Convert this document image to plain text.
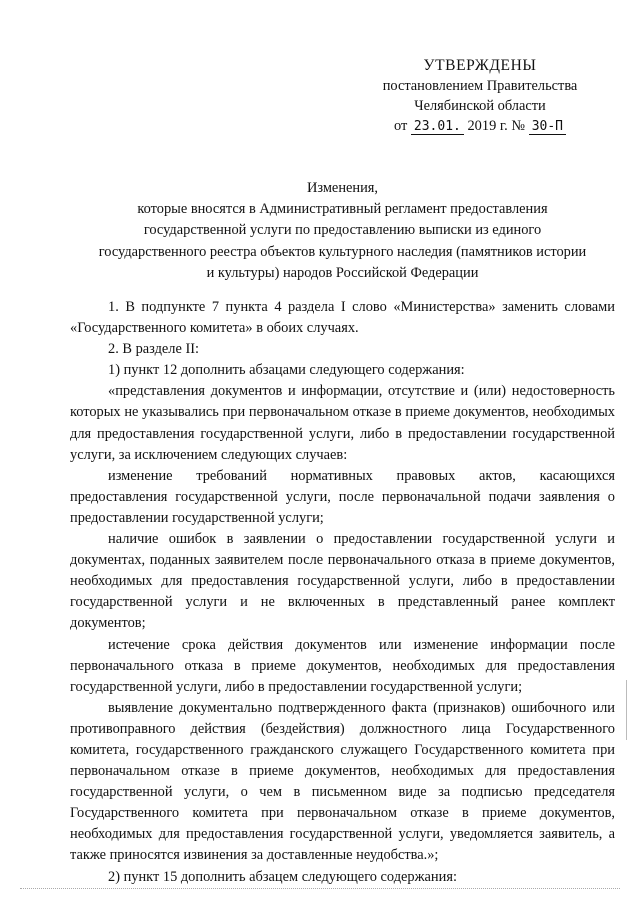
УТВЕРЖДЕНЫ
постановлением Правительства
Челябинской области
от 23.01. 2019 г. № 30-П
Изменения,
которые вносятся в Административный регламент предоставления
государственной услуги по предоставлению выписки из единого
государственного реестра объектов культурного наследия (памятников истории
и культуры) народов Российской Федерации

1. В подпункте 7 пункта 4 раздела I слово «Министерства» заменить словами «Государственного комитета» в обоих случаях.

2. В разделе II:

1) пункт 12 дополнить абзацами следующего содержания:

«представления документов и информации, отсутствие и (или) недостоверность которых не указывались при первоначальном отказе в приеме документов, необходимых для предоставления государственной услуги, либо в предоставлении государственной услуги, за исключением следующих случаев:

изменение требований нормативных правовых актов, касающихся предоставления государственной услуги, после первоначальной подачи заявления о предоставлении государственной услуги;

наличие ошибок в заявлении о предоставлении государственной услуги и документах, поданных заявителем после первоначального отказа в приеме документов, необходимых для предоставления государственной услуги, либо в предоставлении государственной услуги и не включенных в представленный ранее комплект документов;

истечение срока действия документов или изменение информации после первоначального отказа в приеме документов, необходимых для предоставления государственной услуги, либо в предоставлении государственной услуги;

выявление документально подтвержденного факта (признаков) ошибочного или противоправного действия (бездействия) должностного лица Государственного комитета, государственного гражданского служащего Государственного комитета при первоначальном отказе в приеме документов, необходимых для предоставления государственной услуги, о чем в письменном виде за подписью председателя Государственного комитета при первоначальном отказе в приеме документов, необходимых для предоставления государственной услуги, уведомляется заявитель, а также приносятся извинения за доставленные неудобства.»;

2) пункт 15 дополнить абзацем следующего содержания:
